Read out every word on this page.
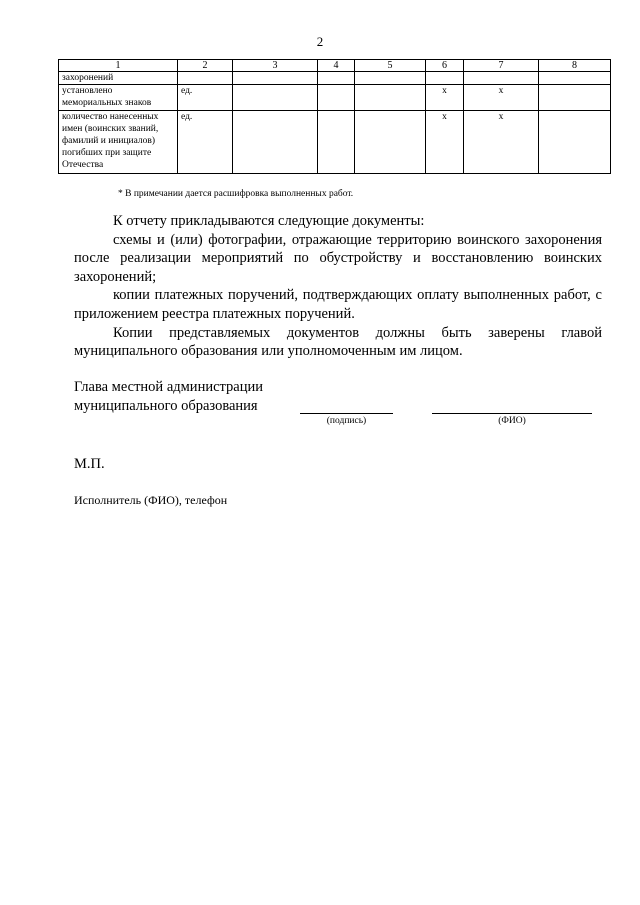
2
1	2	3	4	5	6	7	8
захоронений							
установлено мемориальных знаков	ед.				х	х	
количество нанесенных имен (воинских званий, фамилий и инициалов) погибших при защите Отечества	ед.				х	х	
* В примечании дается расшифровка выполненных работ.

К отчету прикладываются следующие документы:

схемы и (или) фотографии, отражающие территорию воинского захоронения после реализации мероприятий по обустройству и восстановлению воинских захоронений;

копии платежных поручений, подтверждающих оплату выполненных работ, с приложением реестра платежных поручений.

Копии представляемых документов должны быть заверены главой муниципального образования или уполномоченным им лицом.

Глава местной администрации
муниципального образования
(подпись)	(ФИО)
М.П.
Исполнитель (ФИО), телефон
